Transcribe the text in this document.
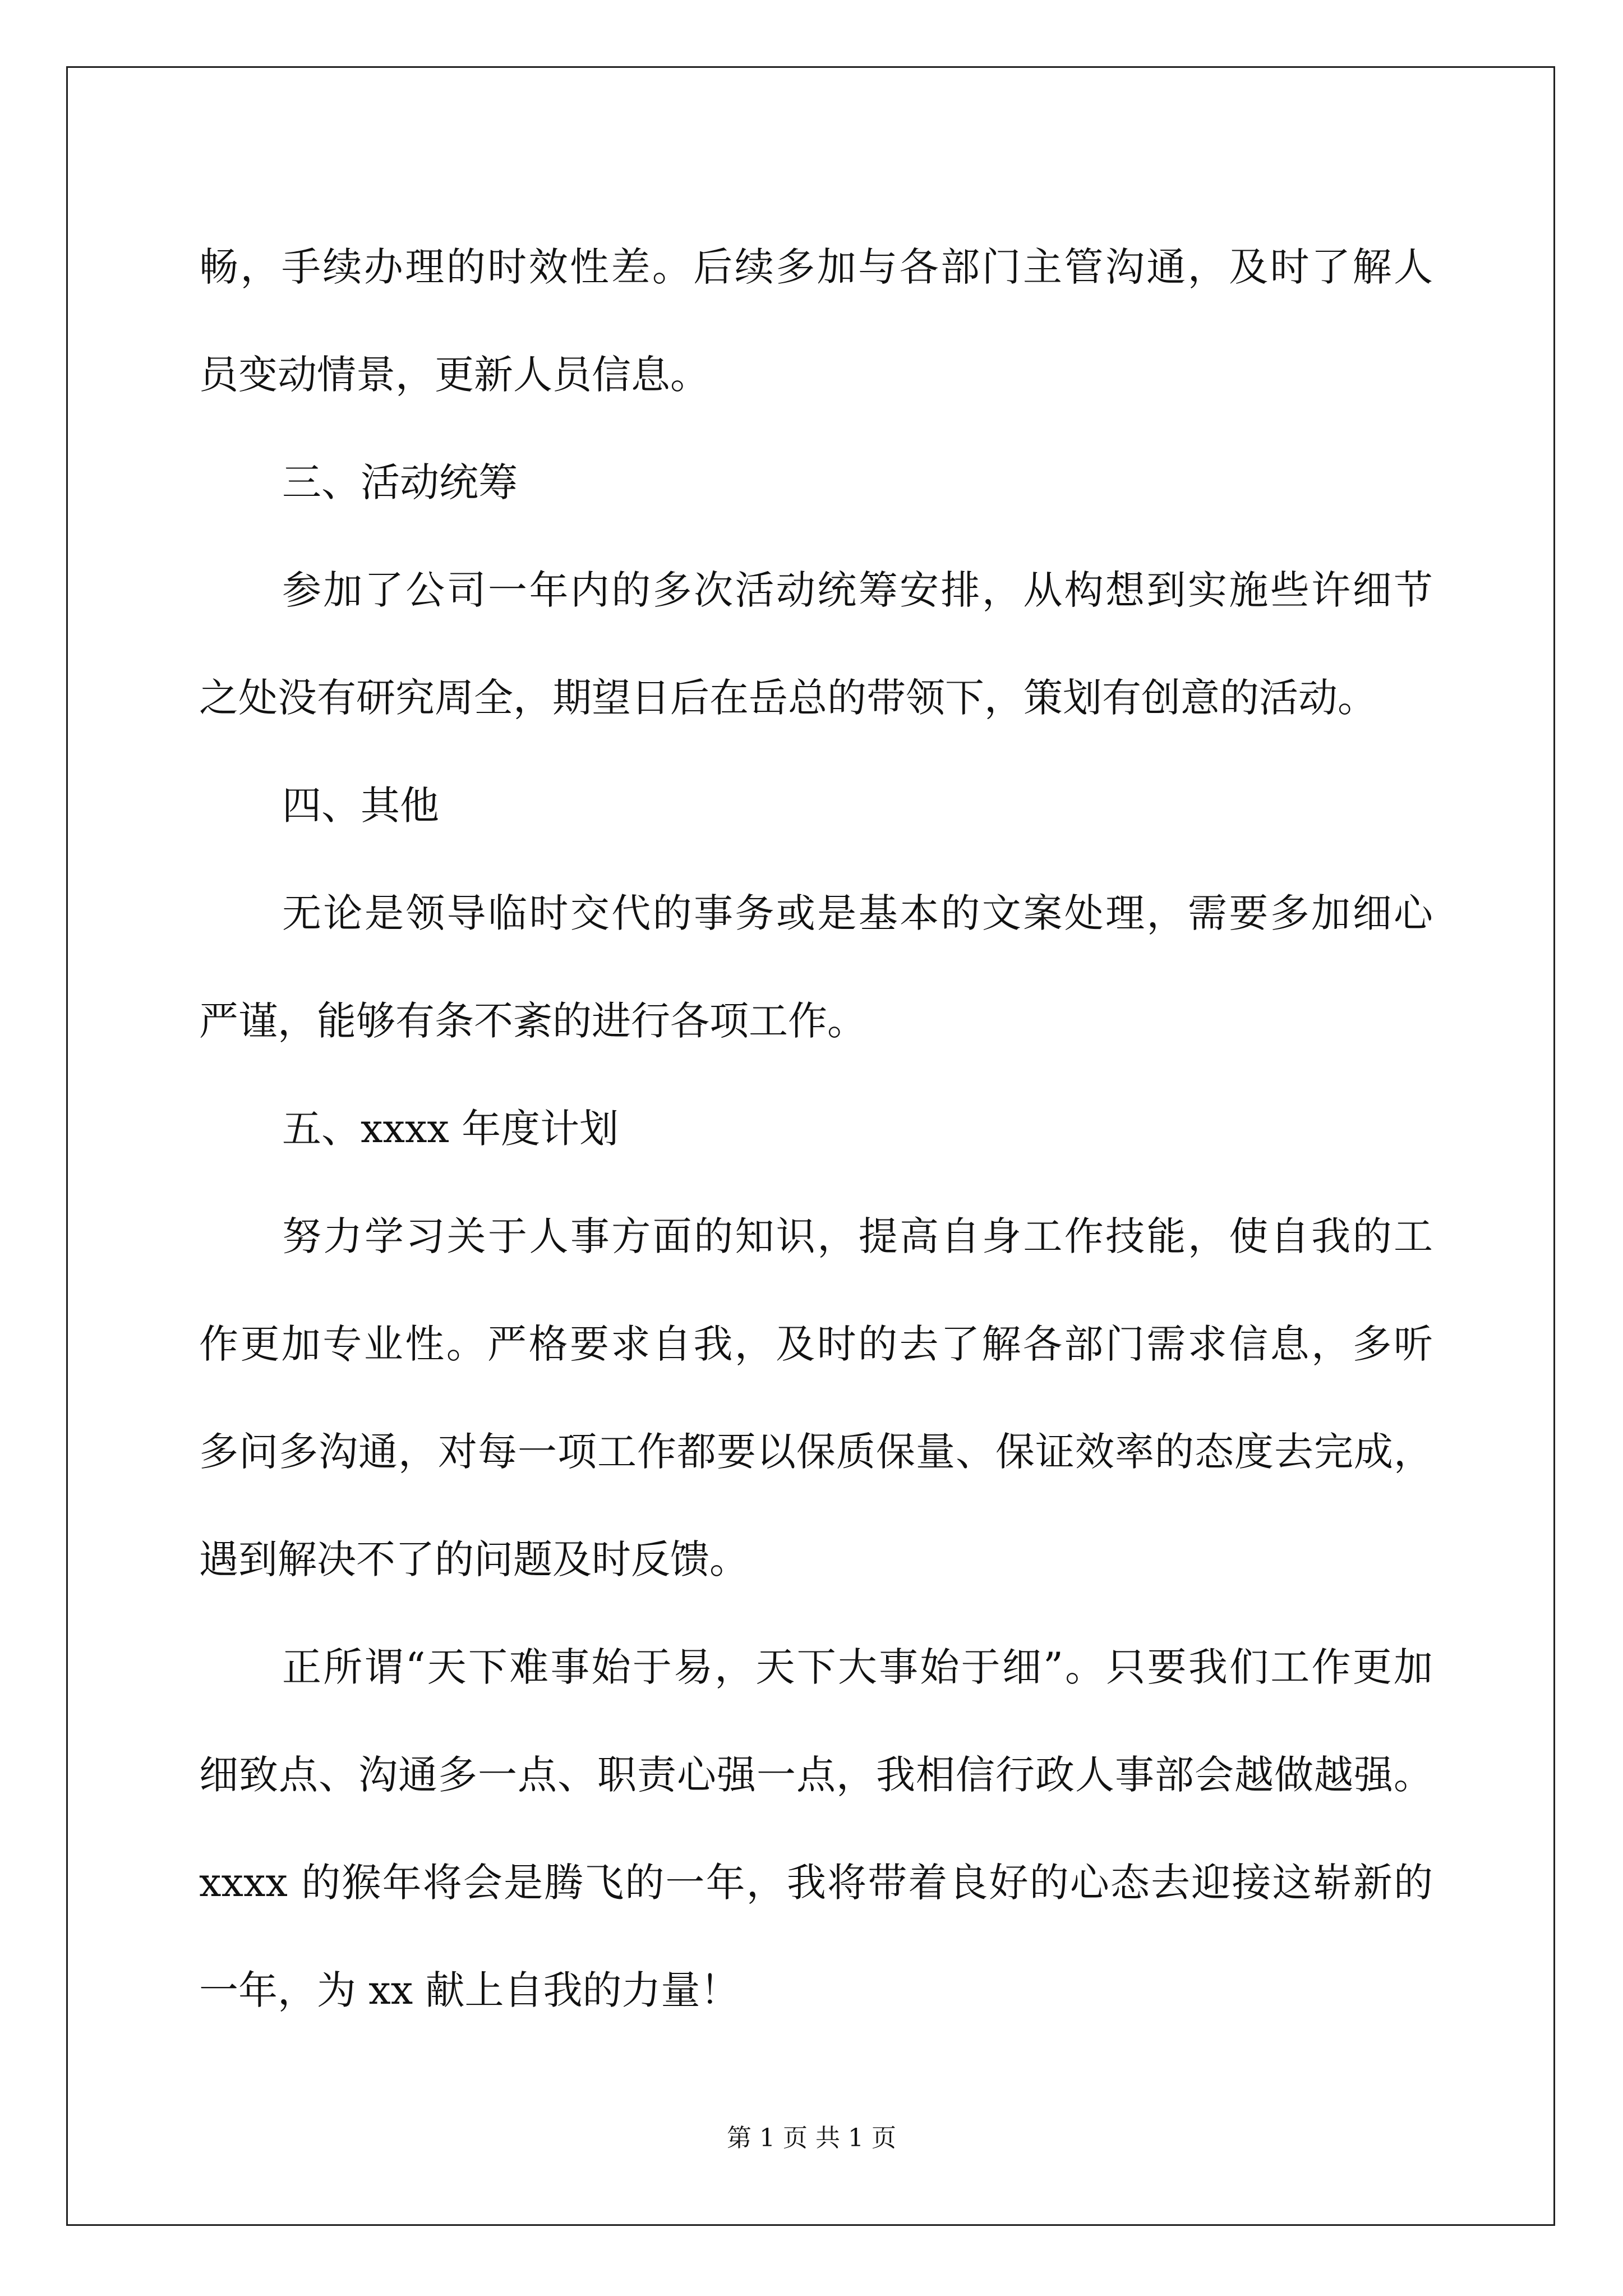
畅，手续办理的时效性差。后续多加与各部门主管沟通，及时了解人
员变动情景，更新人员信息。
三、活动统筹
参加了公司一年内的多次活动统筹安排，从构想到实施些许细节
之处没有研究周全，期望日后在岳总的带领下，策划有创意的活动。
四、其他
无论是领导临时交代的事务或是基本的文案处理，需要多加细心
严谨，能够有条不紊的进行各项工作。
五、xxxx 年度计划
努力学习关于人事方面的知识，提高自身工作技能，使自我的工
作更加专业性。严格要求自我，及时的去了解各部门需求信息，多听
多问多沟通，对每一项工作都要以保质保量、保证效率的态度去完成，
遇到解决不了的问题及时反馈。
正所谓“天下难事始于易，天下大事始于细”。只要我们工作更加
细致点、沟通多一点、职责心强一点，我相信行政人事部会越做越强。
xxxx 的猴年将会是腾飞的一年，我将带着良好的心态去迎接这崭新的
一年，为 xx 献上自我的力量！
第 1 页 共 1 页
